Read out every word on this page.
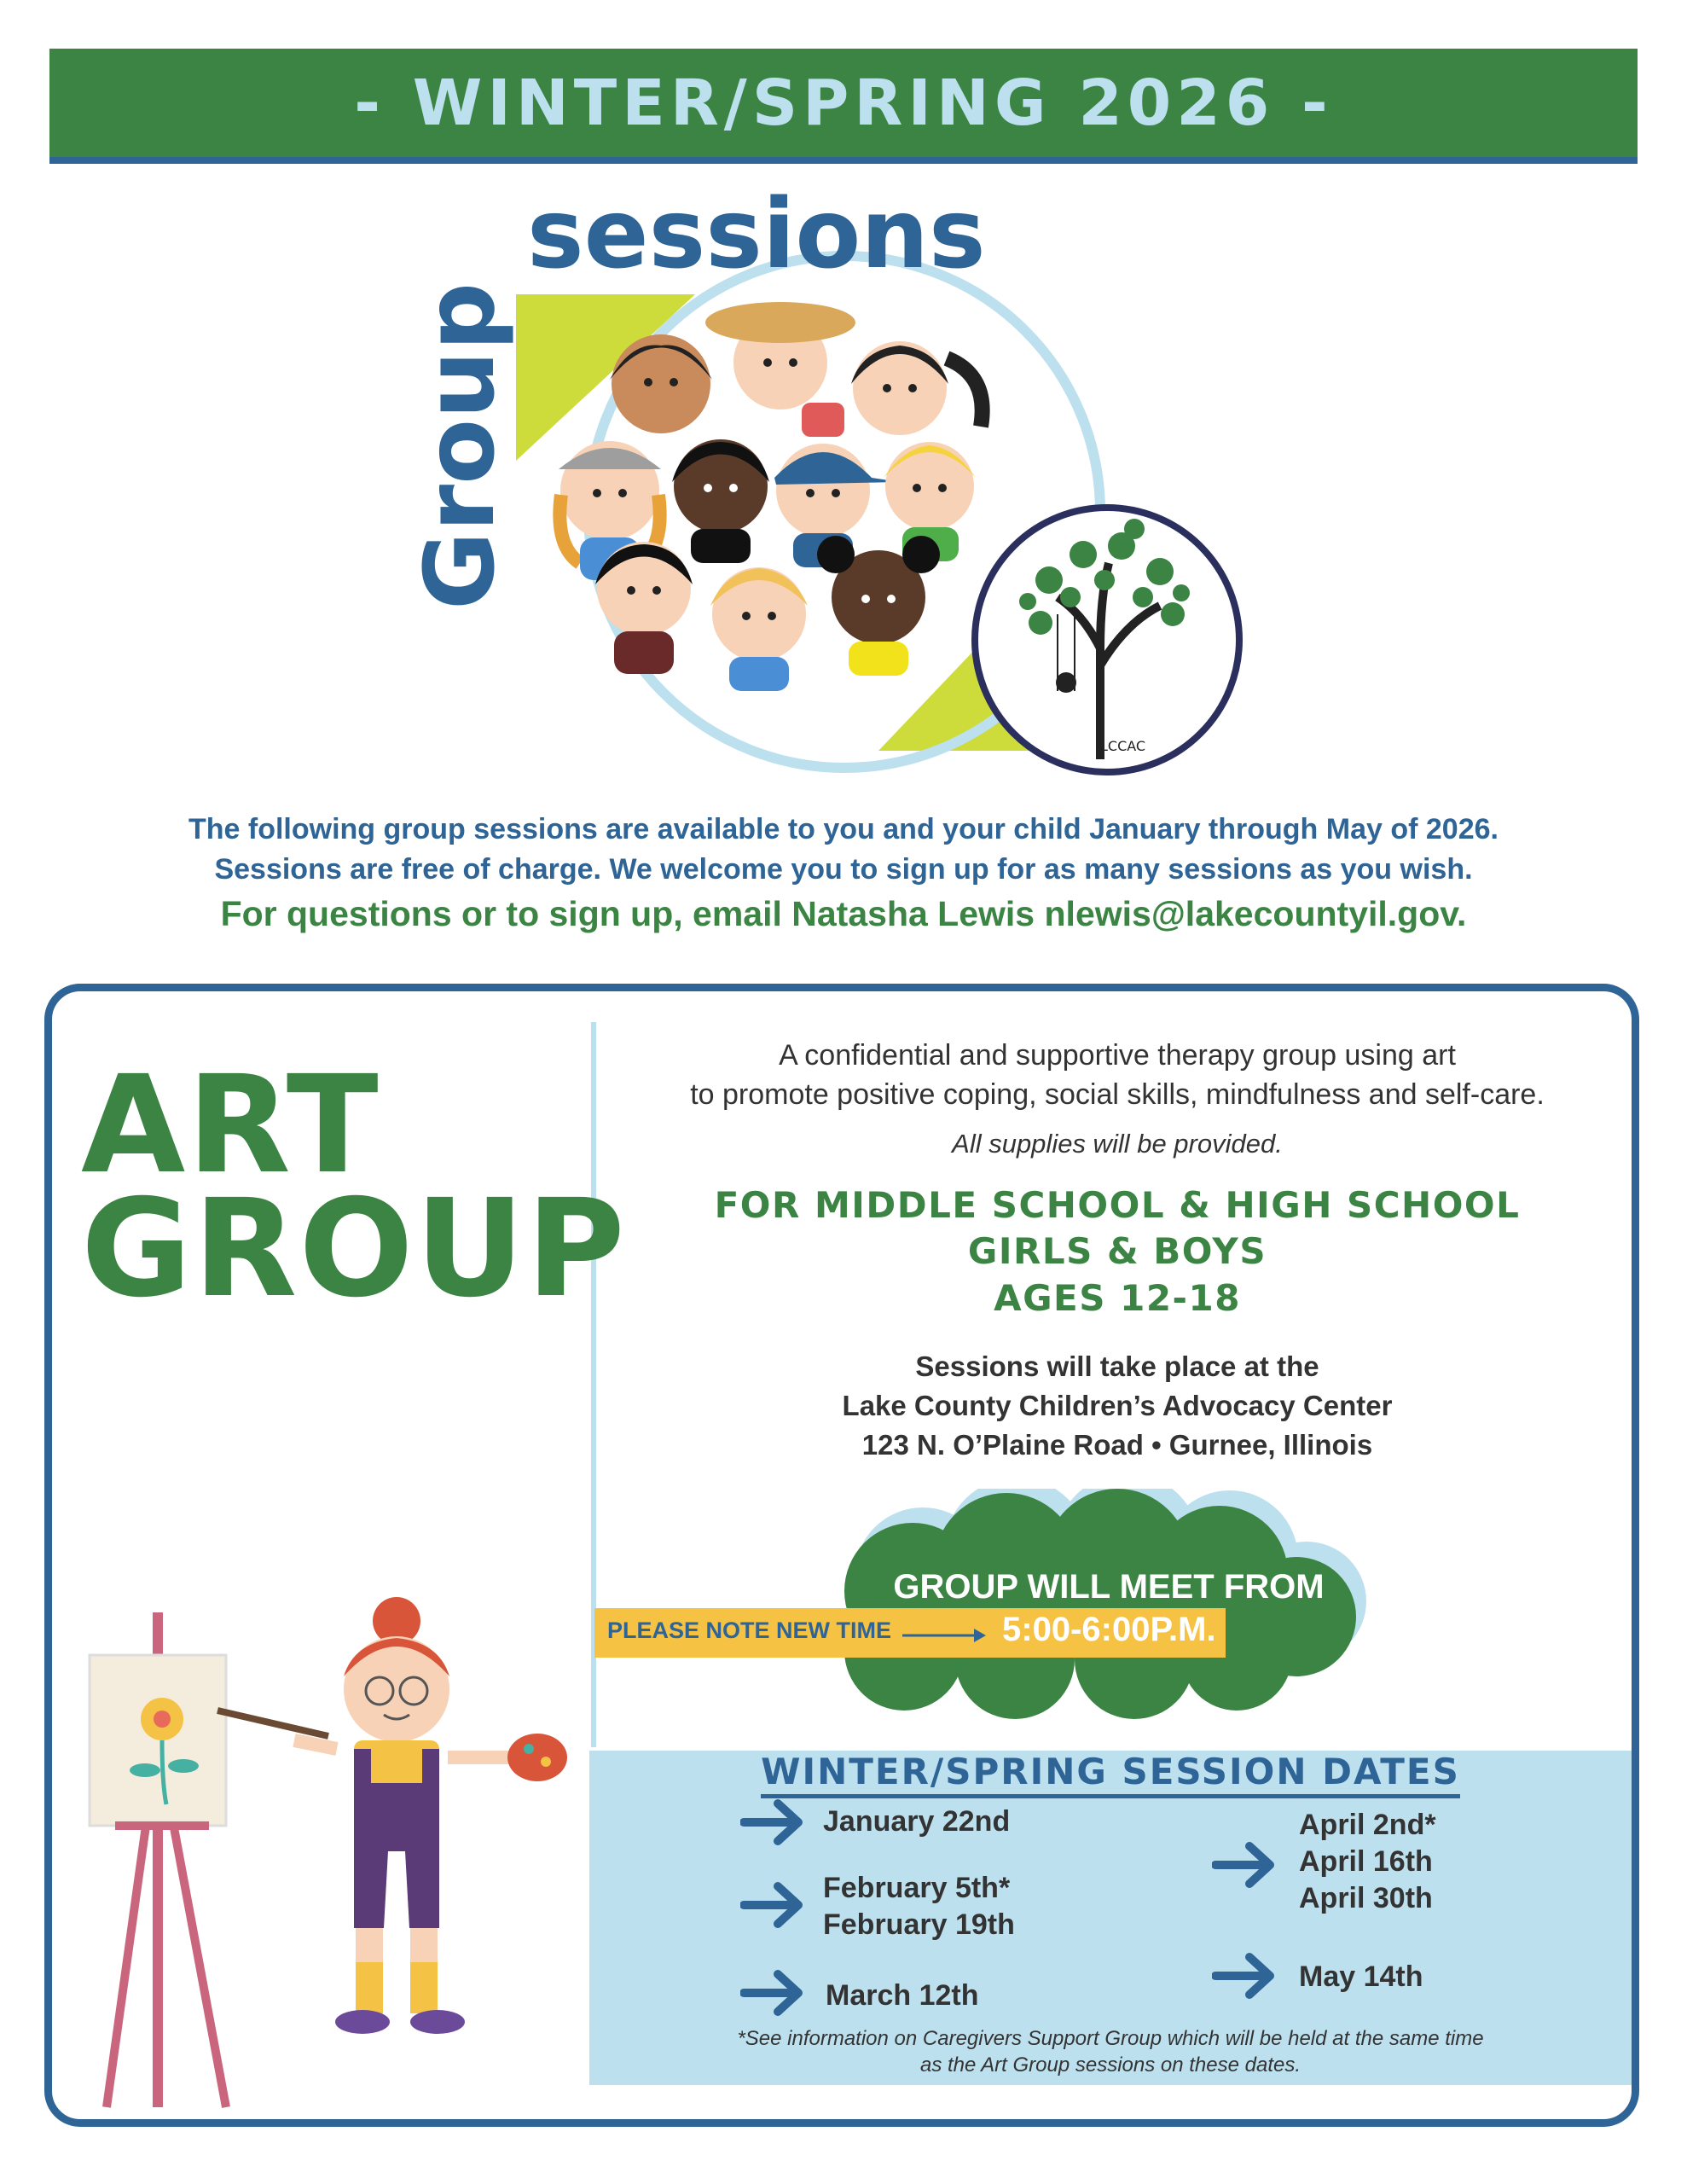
- WINTER/SPRING 2026 -
LCCAC
sessions
Group
The following group sessions are available to you and your child January through May of 2026.
Sessions are free of charge. We welcome you to sign up for as many sessions as you wish.
For questions or to sign up, email Natasha Lewis nlewis@lakecountyil.gov.
ART
GROUP
A confidential and supportive therapy group using art
to promote positive coping, social skills, mindfulness and self-care.
All supplies will be provided.
FOR MIDDLE SCHOOL & HIGH SCHOOL
GIRLS & BOYS
AGES 12-18
Sessions will take place at the
Lake County Children’s Advocacy Center
123 N. O’Plaine Road • Gurnee, Illinois
GROUP WILL MEET FROM
PLEASE NOTE NEW TIME	5:00-6:00P.M.
WINTER/SPRING SESSION DATES
January 22nd
February 5th*
February 19th
March 12th
April 2nd*
April 16th
April 30th
May 14th
*See information on Caregivers Support Group which will be held at the same time
as the Art Group sessions on these dates.
